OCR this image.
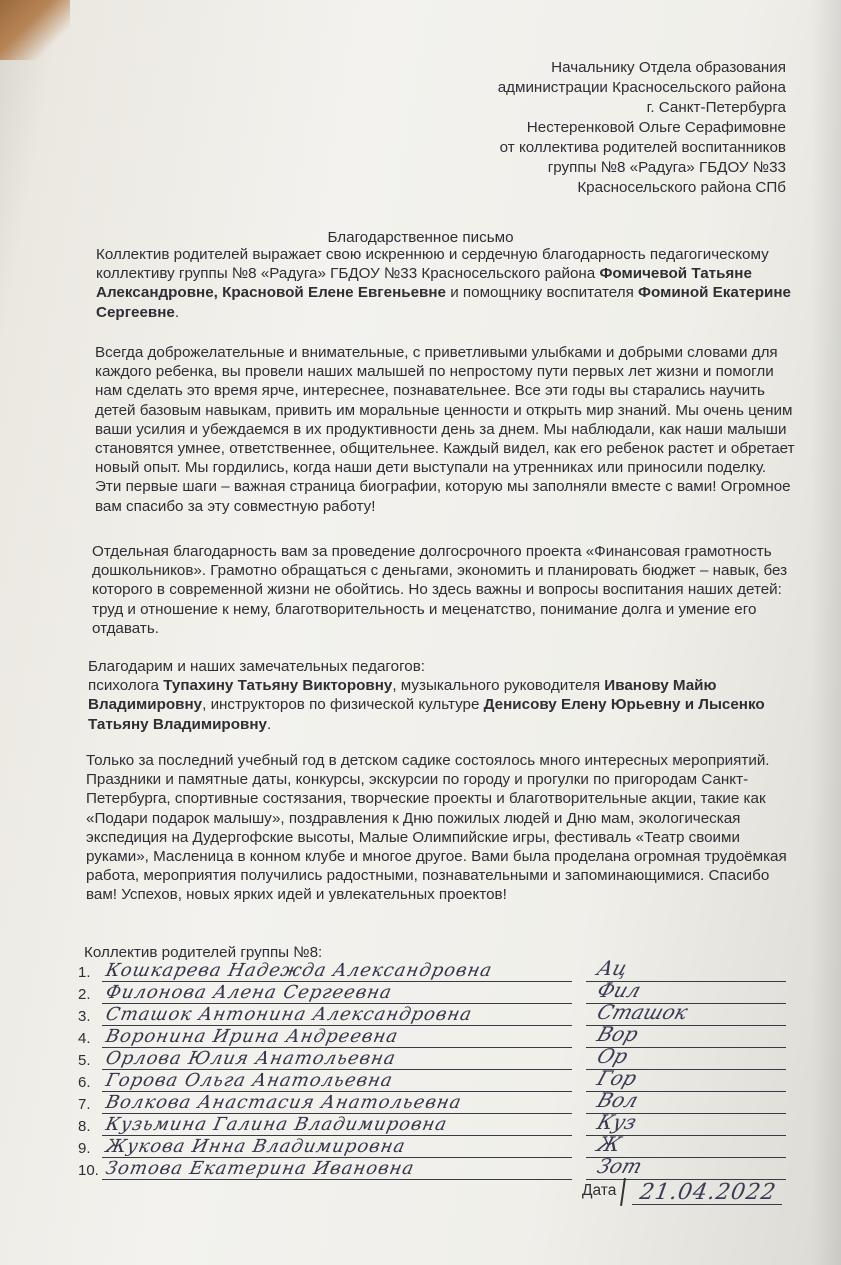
Начальнику Отдела образования
администрации Красносельского района
г. Санкт-Петербурга
Нестеренковой Ольге Серафимовне
от коллектива родителей воспитанников
группы №8 «Радуга» ГБДОУ №33
Красносельского района СПб
Благодарственное письмо
Коллектив родителей выражает свою искреннюю и сердечную благодарность педагогическому коллективу группы №8 «Радуга» ГБДОУ №33 Красносельского района Фомичевой Татьяне Александровне, Красновой Елене Евгеньевне и помощнику воспитателя Фоминой Екатерине Сергеевне.
Всегда доброжелательные и внимательные, с приветливыми улыбками и добрыми словами для каждого ребенка, вы провели наших малышей по непростому пути первых лет жизни и помогли нам сделать это время ярче, интереснее, познавательнее. Все эти годы вы старались научить детей базовым навыкам, привить им моральные ценности и открыть мир знаний. Мы очень ценим ваши усилия и убеждаемся в их продуктивности день за днем. Мы наблюдали, как наши малыши становятся умнее, ответственнее, общительнее. Каждый видел, как его ребенок растет и обретает новый опыт. Мы гордились, когда наши дети выступали на утренниках или приносили поделку. Эти первые шаги – важная страница биографии, которую мы заполняли вместе с вами! Огромное вам спасибо за эту совместную работу!
Отдельная благодарность вам за проведение долгосрочного проекта «Финансовая грамотность дошкольников». Грамотно обращаться с деньгами, экономить и планировать бюджет – навык, без которого в современной жизни не обойтись. Но здесь важны и вопросы воспитания наших детей: труд и отношение к нему, благотворительность и меценатство, понимание долга и умение его отдавать.
Благодарим и наших замечательных педагогов:
психолога Тупахину Татьяну Викторовну, музыкального руководителя Иванову Майю Владимировну, инструкторов по физической культуре Денисову Елену Юрьевну и Лысенко Татьяну Владимировну.
Только за последний учебный год в детском садике состоялось много интересных мероприятий. Праздники и памятные даты, конкурсы, экскурсии по городу и прогулки по пригородам Санкт-Петербурга, спортивные состязания, творческие проекты и благотворительные акции, такие как «Подари подарок малышу», поздравления к Дню пожилых людей и Дню мам, экологическая экспедиция на Дудергофские высоты, Малые Олимпийские игры, фестиваль «Театр своими руками», Масленица в конном клубе и многое другое. Вами была проделана огромная трудоёмкая работа, мероприятия получились радостными, познавательными и запоминающимися. Спасибо вам! Успехов, новых ярких идей и увлекательных проектов!
Коллектив родителей группы №8:
1. Кошкарева Надежда Александровна	Ац
2. Филонова Алена Сергеевна	Фил
3. Сташок Антонина Александровна	Сташок
4. Воронина Ирина Андреевна	Вор
5. Орлова Юлия Анатольевна	Ор
6. Горова Ольга Анатольевна	Гор
7. Волкова Анастасия Анатольевна	Вол
8. Кузьмина Галина Владимировна	Куз
9. Жукова Инна Владимировна	Ж
10. Зотова Екатерина Ивановна	Зот
Дата 21.04.2022
